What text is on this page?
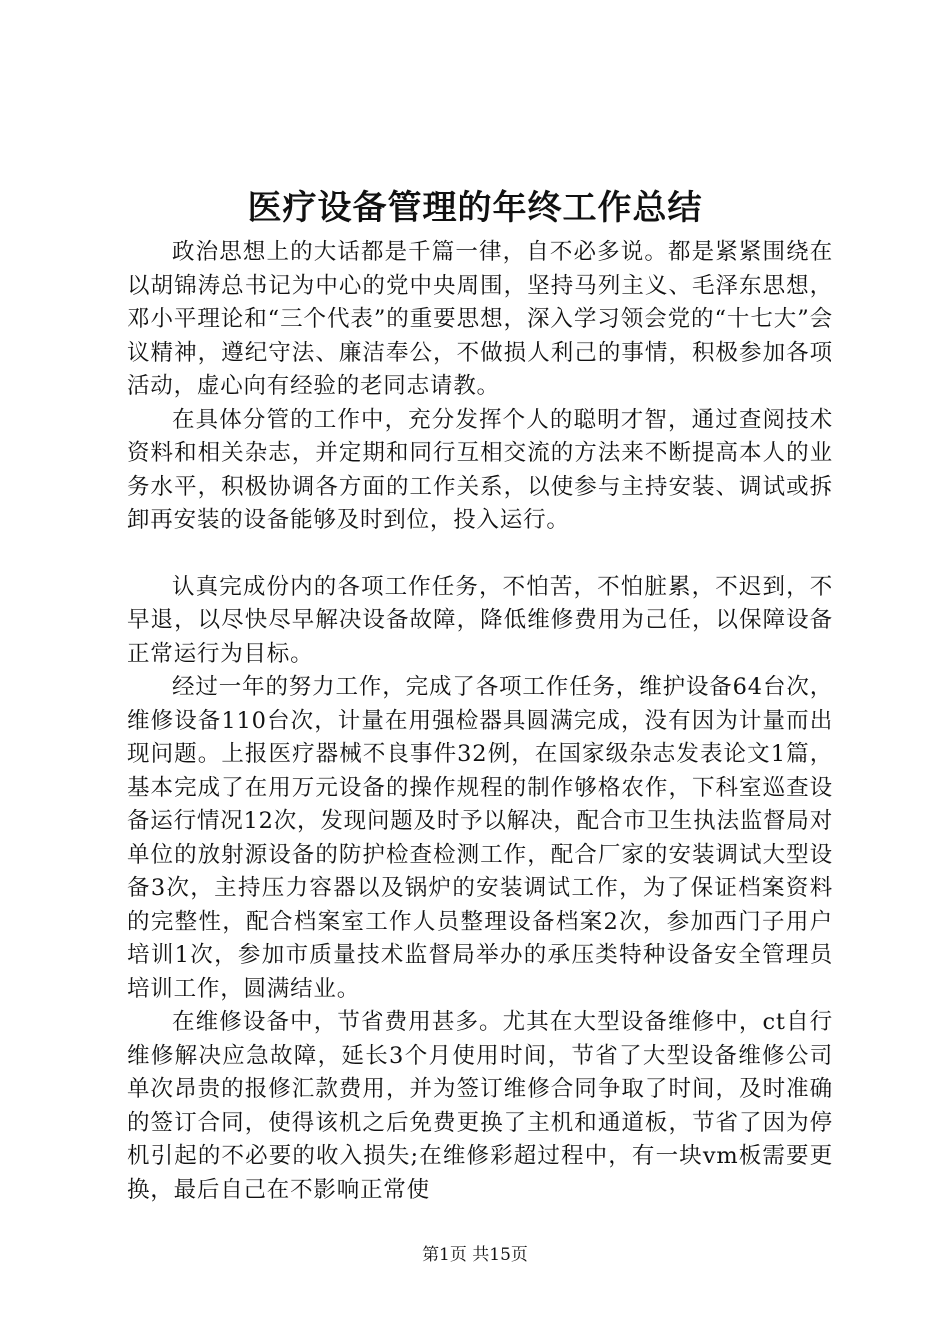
医疗设备管理的年终工作总结

政治思想上的大话都是千篇一律，自不必多说。都是紧紧围绕在以胡锦涛总书记为中心的党中央周围，坚持马列主义、毛泽东思想，邓小平理论和“三个代表”的重要思想，深入学习领会党的“十七大”会议精神，遵纪守法、廉洁奉公，不做损人利己的事情，积极参加各项活动，虚心向有经验的老同志请教。

在具体分管的工作中，充分发挥个人的聪明才智，通过查阅技术资料和相关杂志，并定期和同行互相交流的方法来不断提高本人的业务水平，积极协调各方面的工作关系，以使参与主持安装、调试或拆卸再安装的设备能够及时到位，投入运行。

认真完成份内的各项工作任务，不怕苦，不怕脏累，不迟到，不早退，以尽快尽早解决设备故障，降低维修费用为己任，以保障设备正常运行为目标。

经过一年的努力工作，完成了各项工作任务，维护设备64台次，维修设备110台次，计量在用强检器具圆满完成，没有因为计量而出现问题。上报医疗器械不良事件32例，在国家级杂志发表论文1篇，基本完成了在用万元设备的操作规程的制作够格农作，下科室巡查设备运行情况12次，发现问题及时予以解决，配合市卫生执法监督局对单位的放射源设备的防护检查检测工作，配合厂家的安装调试大型设备3次，主持压力容器以及锅炉的安装调试工作，为了保证档案资料的完整性，配合档案室工作人员整理设备档案2次，参加西门子用户培训1次，参加市质量技术监督局举办的承压类特种设备安全管理员培训工作，圆满结业。

在维修设备中，节省费用甚多。尤其在大型设备维修中，ct自行维修解决应急故障，延长3个月使用时间，节省了大型设备维修公司单次昂贵的报修汇款费用，并为签订维修合同争取了时间，及时准确的签订合同，使得该机之后免费更换了主机和通道板，节省了因为停机引起的不必要的收入损失;在维修彩超过程中，有一块vm板需要更换，最后自己在不影响正常使

第1页 共15页
